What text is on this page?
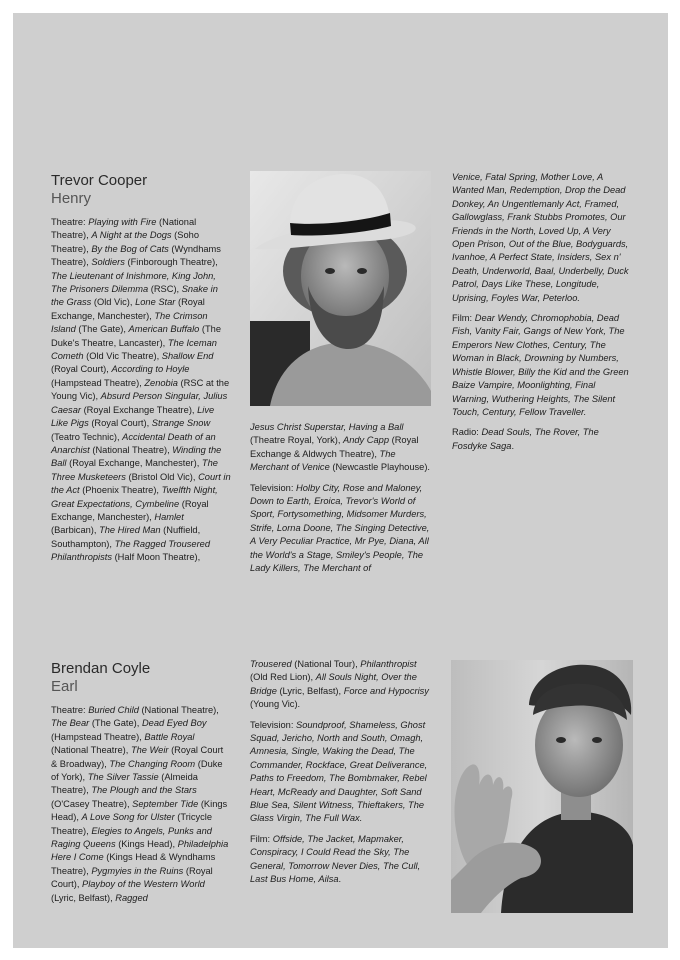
Trevor Cooper
Henry

Theatre: Playing with Fire (National Theatre), A Night at the Dogs (Soho Theatre), By the Bog of Cats (Wyndhams Theatre), Soldiers (Finborough Theatre), The Lieutenant of Inishmore, King John, The Prisoners Dilemma (RSC), Snake in the Grass (Old Vic), Lone Star (Royal Exchange, Manchester), The Crimson Island (The Gate), American Buffalo (The Duke's Theatre, Lancaster), The Iceman Cometh (Old Vic Theatre), Shallow End (Royal Court), According to Hoyle (Hampstead Theatre), Zenobia (RSC at the Young Vic), Absurd Person Singular, Julius Caesar (Royal Exchange Theatre), Live Like Pigs (Royal Court), Strange Snow (Teatro Technic), Accidental Death of an Anarchist (National Theatre), Winding the Ball (Royal Exchange, Manchester), The Three Musketeers (Bristol Old Vic), Court in the Act (Phoenix Theatre), Twelfth Night, Great Expectations, Cymbeline (Royal Exchange, Manchester), Hamlet (Barbican), The Hired Man (Nuffield, Southampton), The Ragged Trousered Philanthropists (Half Moon Theatre),

Jesus Christ Superstar, Having a Ball (Theatre Royal, York), Andy Capp (Royal Exchange & Aldwych Theatre), The Merchant of Venice (Newcastle Playhouse).

Television: Holby City, Rose and Maloney, Down to Earth, Eroica, Trevor's World of Sport, Fortysomething, Midsomer Murders, Strife, Lorna Doone, The Singing Detective, A Very Peculiar Practice, Mr Pye, Diana, All the World's a Stage, Smiley's People, The Lady Killers, The Merchant of

Venice, Fatal Spring, Mother Love, A Wanted Man, Redemption, Drop the Dead Donkey, An Ungentlemanly Act, Framed, Gallowglass, Frank Stubbs Promotes, Our Friends in the North, Loved Up, A Very Open Prison, Out of the Blue, Bodyguards, Ivanhoe, A Perfect State, Insiders, Sex n' Death, Underworld, Baal, Underbelly, Duck Patrol, Days Like These, Longitude, Uprising, Foyles War, Peterloo.

Film: Dear Wendy, Chromophobia, Dead Fish, Vanity Fair, Gangs of New York, The Emperors New Clothes, Century, The Woman in Black, Drowning by Numbers, Whistle Blower, Billy the Kid and the Green Baize Vampire, Moonlighting, Final Warning, Wuthering Heights, The Silent Touch, Century, Fellow Traveller.

Radio: Dead Souls, The Rover, The Fosdyke Saga.

Brendan Coyle
Earl

Theatre: Buried Child (National Theatre), The Bear (The Gate), Dead Eyed Boy (Hampstead Theatre), Battle Royal (National Theatre), The Weir (Royal Court & Broadway), The Changing Room (Duke of York), The Silver Tassie (Almeida Theatre), The Plough and the Stars (O'Casey Theatre), September Tide (Kings Head), A Love Song for Ulster (Tricycle Theatre), Elegies to Angels, Punks and Raging Queens (Kings Head), Philadelphia Here I Come (Kings Head & Wyndhams Theatre), Pygmyies in the Ruins (Royal Court), Playboy of the Western World (Lyric, Belfast), Ragged

Trousered (National Tour), Philanthropist (Old Red Lion), All Souls Night, Over the Bridge (Lyric, Belfast), Force and Hypocrisy (Young Vic).

Television: Soundproof, Shameless, Ghost Squad, Jericho, North and South, Omagh, Amnesia, Single, Waking the Dead, The Commander, Rockface, Great Deliverance, Paths to Freedom, The Bombmaker, Rebel Heart, McReady and Daughter, Soft Sand Blue Sea, Silent Witness, Thieftakers, The Glass Virgin, The Full Wax.

Film: Offside, The Jacket, Mapmaker, Conspiracy, I Could Read the Sky, The General, Tomorrow Never Dies, The Cull, Last Bus Home, Ailsa.
